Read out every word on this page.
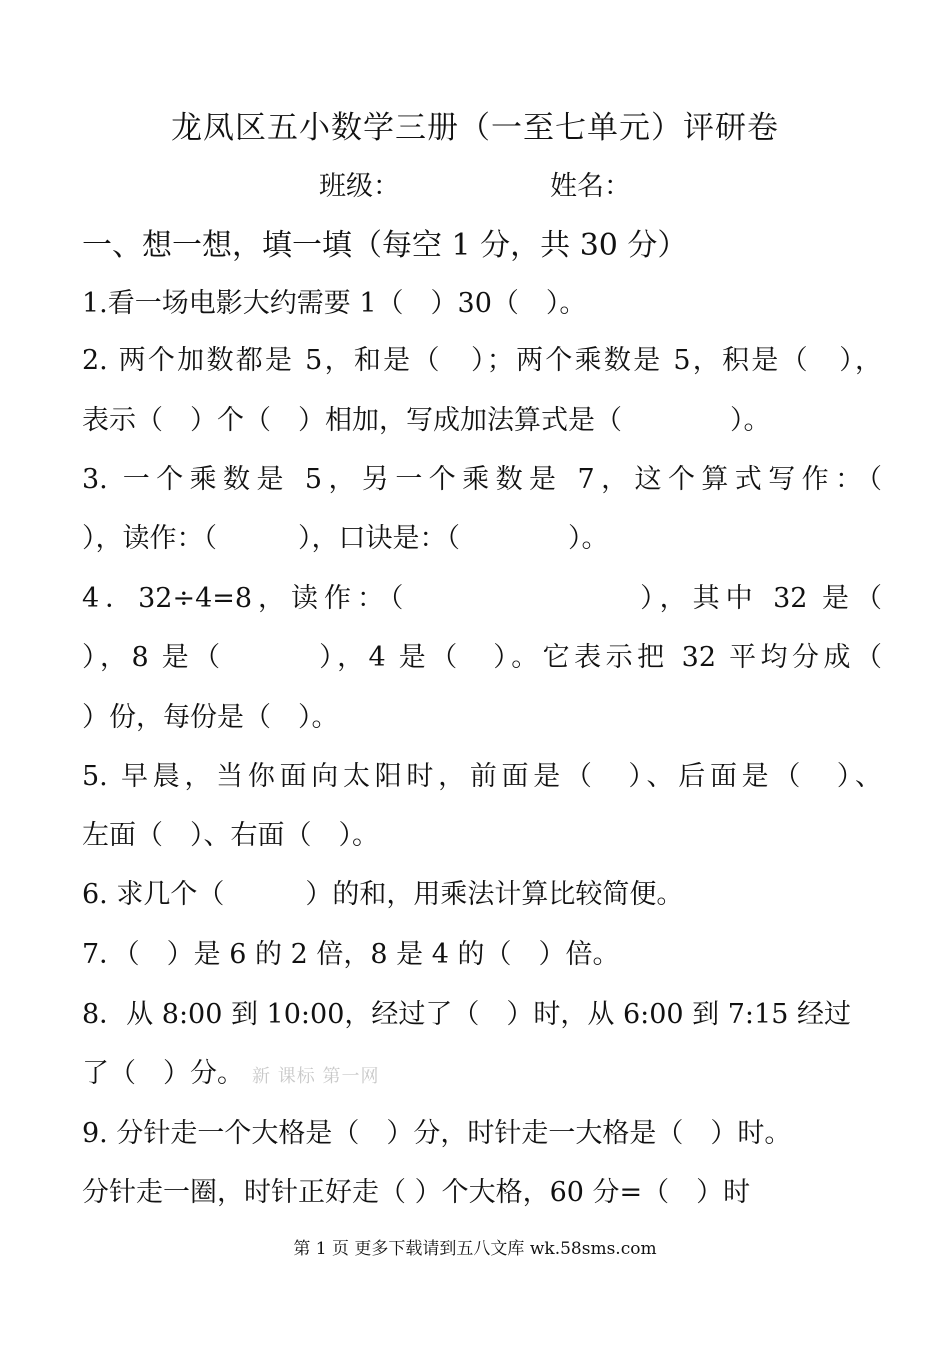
龙凤区五小数学三册（一至七单元）评研卷
班级：	姓名：
一、想一想，填一填（每空 1 分，共 30 分）
1.看一场电影大约需要 1（　）30（　）。
2. 两个加数都是 5，和是（　）；两个乘数是 5，积是（　），
表示（　）个（　）相加，写成加法算式是（　　　　）。
3. 一个乘数是 5，另一个乘数是 7，这个算式写作：（
），读作：（　　　），口诀是：（　　　　）。
4．32÷4=8，读作：（　　　　　　　），其中 32 是（
），8 是（　　　），4 是（　）。它表示把 32 平均分成（
）份，每份是（　）。
5. 早晨，当你面向太阳时，前面是（　）、后面是（　）、
左面（　）、右面（　）。
6. 求几个（　　　）的和，用乘法计算比较简便。
7．（　）是 6 的 2 倍，8 是 4 的（　）倍。
8．从 8:00 到 10:00，经过了（　）时，从 6:00 到 7:15 经过
了（　）分。 新 课标 第一网
9. 分针走一个大格是（　）分，时针走一大格是（　）时。
分针走一圈，时针正好走（ ）个大格，60 分=（　）时
第 1 页 更多下载请到五八文库 wk.58sms.com
